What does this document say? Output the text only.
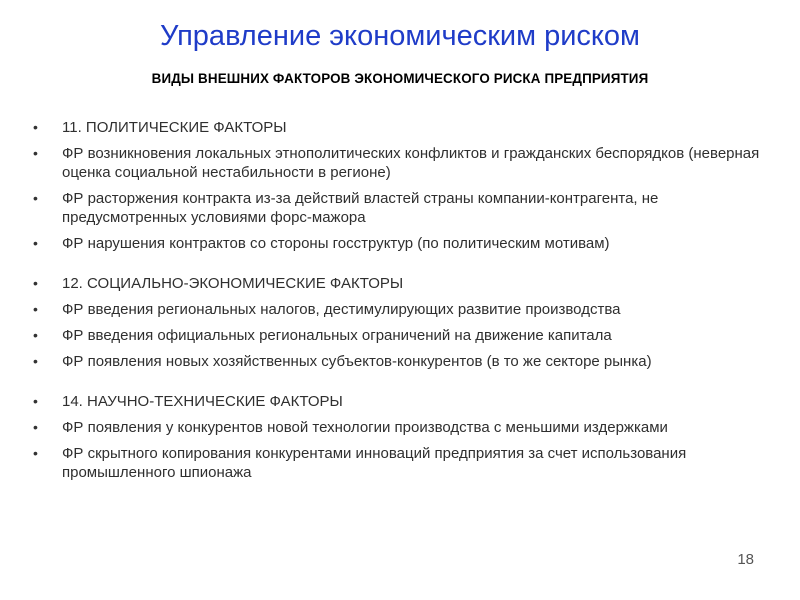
Управление экономическим риском
ВИДЫ ВНЕШНИХ ФАКТОРОВ ЭКОНОМИЧЕСКОГО РИСКА ПРЕДПРИЯТИЯ
• 11. ПОЛИТИЧЕСКИЕ ФАКТОРЫ
• ФР возникновения локальных этнополитических конфликтов и гражданских беспорядков (неверная оценка социальной нестабильности в регионе)
• ФР расторжения контракта из-за действий властей страны компании-контрагента, не предусмотренных условиями форс-мажора
• ФР нарушения контрактов со стороны госструктур (по политическим мотивам)
• 12. СОЦИАЛЬНО-ЭКОНОМИЧЕСКИЕ ФАКТОРЫ
• ФР введения региональных налогов, дестимулирующих развитие производства
• ФР введения официальных региональных ограничений на движение капитала
• ФР появления новых хозяйственных субъектов-конкурентов (в то же секторе рынка)
• 14. НАУЧНО-ТЕХНИЧЕСКИЕ ФАКТОРЫ
• ФР появления у конкурентов новой технологии производства с меньшими издержками
• ФР скрытного копирования конкурентами инноваций предприятия за счет использования промышленного шпионажа
18
